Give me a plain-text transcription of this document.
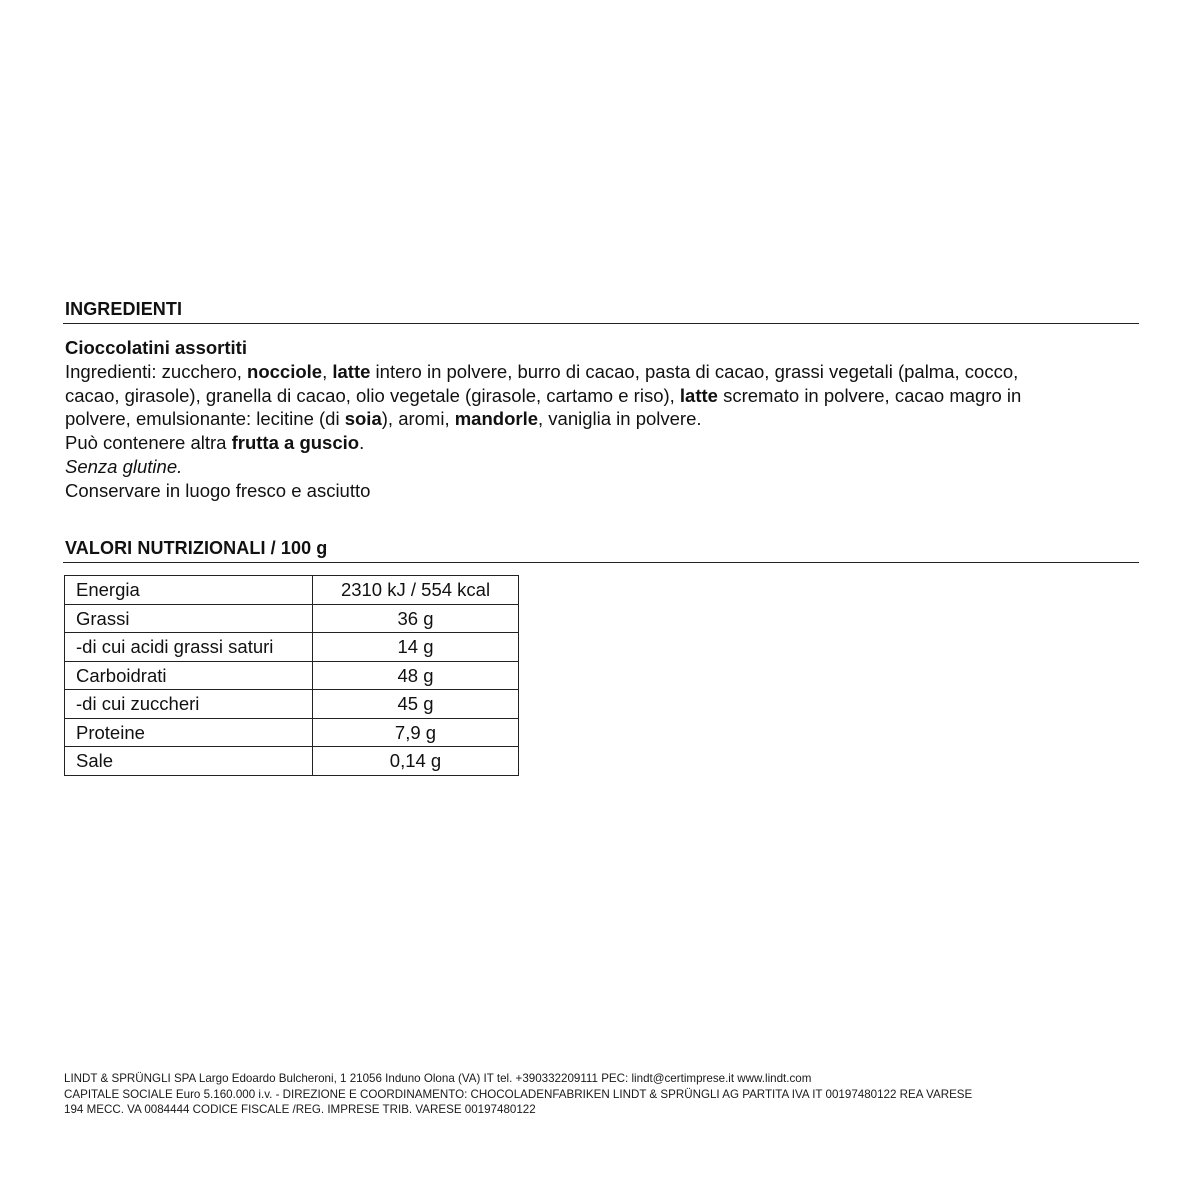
INGREDIENTI
Cioccolatini assortiti
Ingredienti: zucchero, nocciole, latte intero in polvere, burro di cacao, pasta di cacao, grassi vegetali (palma, cocco,
cacao, girasole), granella di cacao, olio vegetale (girasole, cartamo e riso), latte scremato in polvere, cacao magro in
polvere, emulsionante: lecitine (di soia), aromi, mandorle, vaniglia in polvere.
Può contenere altra frutta a guscio.
Senza glutine.
Conservare in luogo fresco e asciutto
VALORI NUTRIZIONALI / 100 g
Energia	2310 kJ / 554 kcal
Grassi	36 g
-di cui acidi grassi saturi	14 g
Carboidrati	48 g
-di cui zuccheri	45 g
Proteine	7,9 g
Sale	0,14 g
LINDT & SPRÜNGLI SPA Largo Edoardo Bulcheroni, 1 21056 Induno Olona (VA) IT tel. +390332209111 PEC: lindt@certimprese.it www.lindt.com
CAPITALE SOCIALE Euro 5.160.000 i.v. - DIREZIONE E COORDINAMENTO: CHOCOLADENFABRIKEN LINDT & SPRÜNGLI AG PARTITA IVA IT 00197480122 REA VARESE
194 MECC. VA 0084444 CODICE FISCALE /REG. IMPRESE TRIB. VARESE 00197480122
